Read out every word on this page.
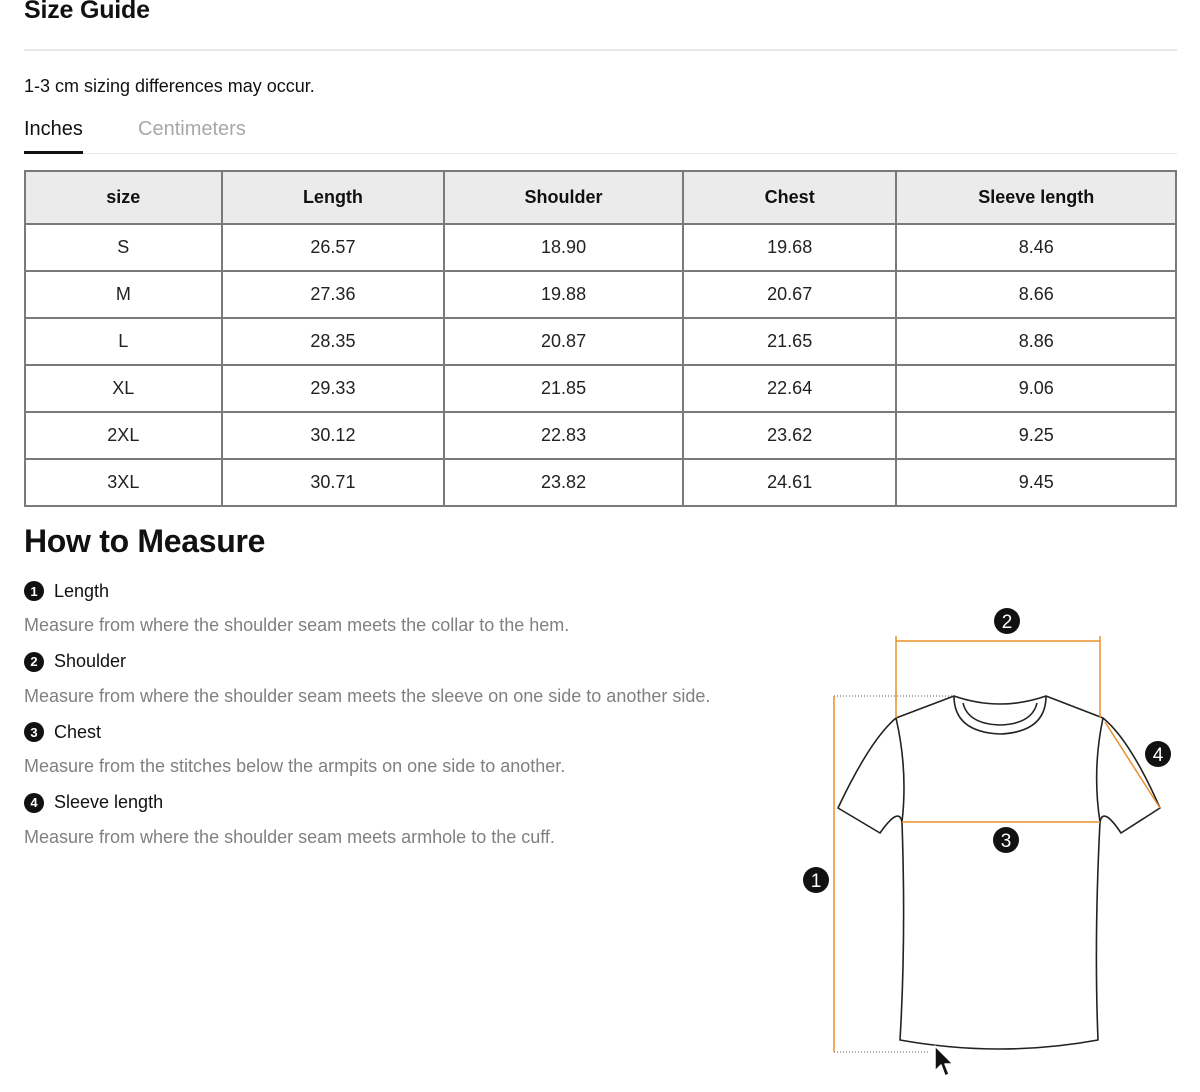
Size Guide
1-3 cm sizing differences may occur.
Inches	Centimeters
size	Length	Shoulder	Chest	Sleeve length
S	26.57	18.90	19.68	8.46
M	27.36	19.88	20.67	8.66
L	28.35	20.87	21.65	8.86
XL	29.33	21.85	22.64	9.06
2XL	30.12	22.83	23.62	9.25
3XL	30.71	23.82	24.61	9.45
How to Measure
1 Length
Measure from where the shoulder seam meets the collar to the hem.
2 Shoulder
Measure from where the shoulder seam meets the sleeve on one side to another side.
3 Chest
Measure from the stitches below the armpits on one side to another.
4 Sleeve length
Measure from where the shoulder seam meets armhole to the cuff.
1
2
3
4
